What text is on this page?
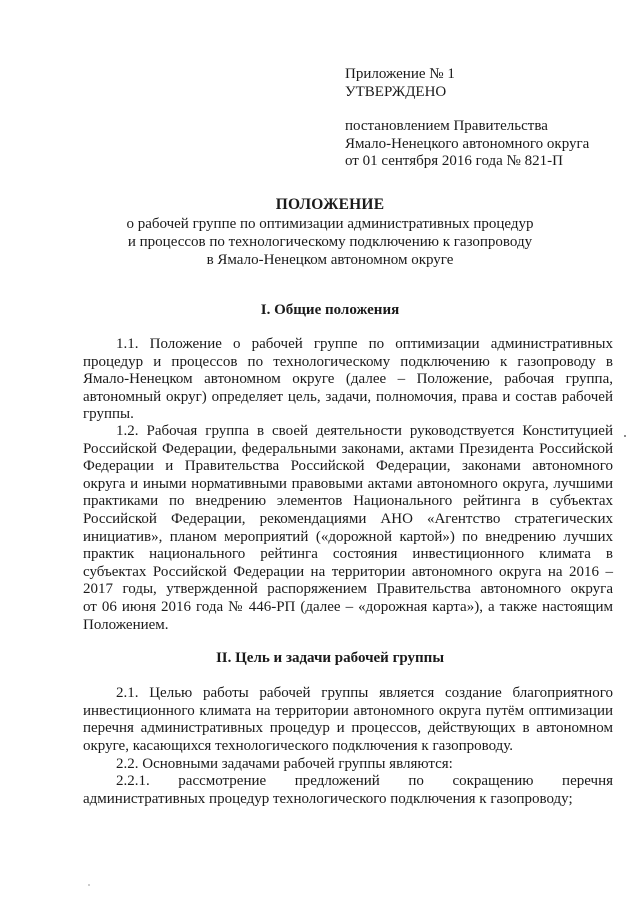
Приложение № 1
УТВЕРЖДЕНО
постановлением Правительства
Ямало-Ненецкого автономного округа
от 01 сентября 2016 года № 821-П
ПОЛОЖЕНИЕ
о рабочей группе по оптимизации административных процедур
и процессов по технологическому подключению к газопроводу
в Ямало-Ненецком автономном округе
I. Общие положения
1.1. Положение о рабочей группе по оптимизации административных
процедур и процессов по технологическому подключению к газопроводу в
Ямало-Ненецком автономном округе (далее – Положение, рабочая группа,
автономный округ) определяет цель, задачи, полномочия, права и состав рабочей
группы.
1.2. Рабочая группа в своей деятельности руководствуется Конституцией
Российской Федерации, федеральными законами, актами Президента Российской
Федерации и Правительства Российской Федерации, законами автономного
округа и иными нормативными правовыми актами автономного округа, лучшими
практиками по внедрению элементов Национального рейтинга в субъектах
Российской Федерации, рекомендациями АНО «Агентство стратегических
инициатив», планом мероприятий («дорожной картой») по внедрению лучших
практик национального рейтинга состояния инвестиционного климата в
субъектах Российской Федерации на территории автономного округа на 2016 –
2017 годы, утвержденной распоряжением Правительства автономного округа
от 06 июня 2016 года № 446-РП (далее – «дорожная карта»), а также настоящим
Положением.
II. Цель и задачи рабочей группы
2.1. Целью работы рабочей группы является создание благоприятного
инвестиционного климата на территории автономного округа путём оптимизации
перечня административных процедур и процессов, действующих в автономном
округе, касающихся технологического подключения к газопроводу.
2.2. Основными задачами рабочей группы являются:
2.2.1. рассмотрение предложений по сокращению перечня
административных процедур технологического подключения к газопроводу;
